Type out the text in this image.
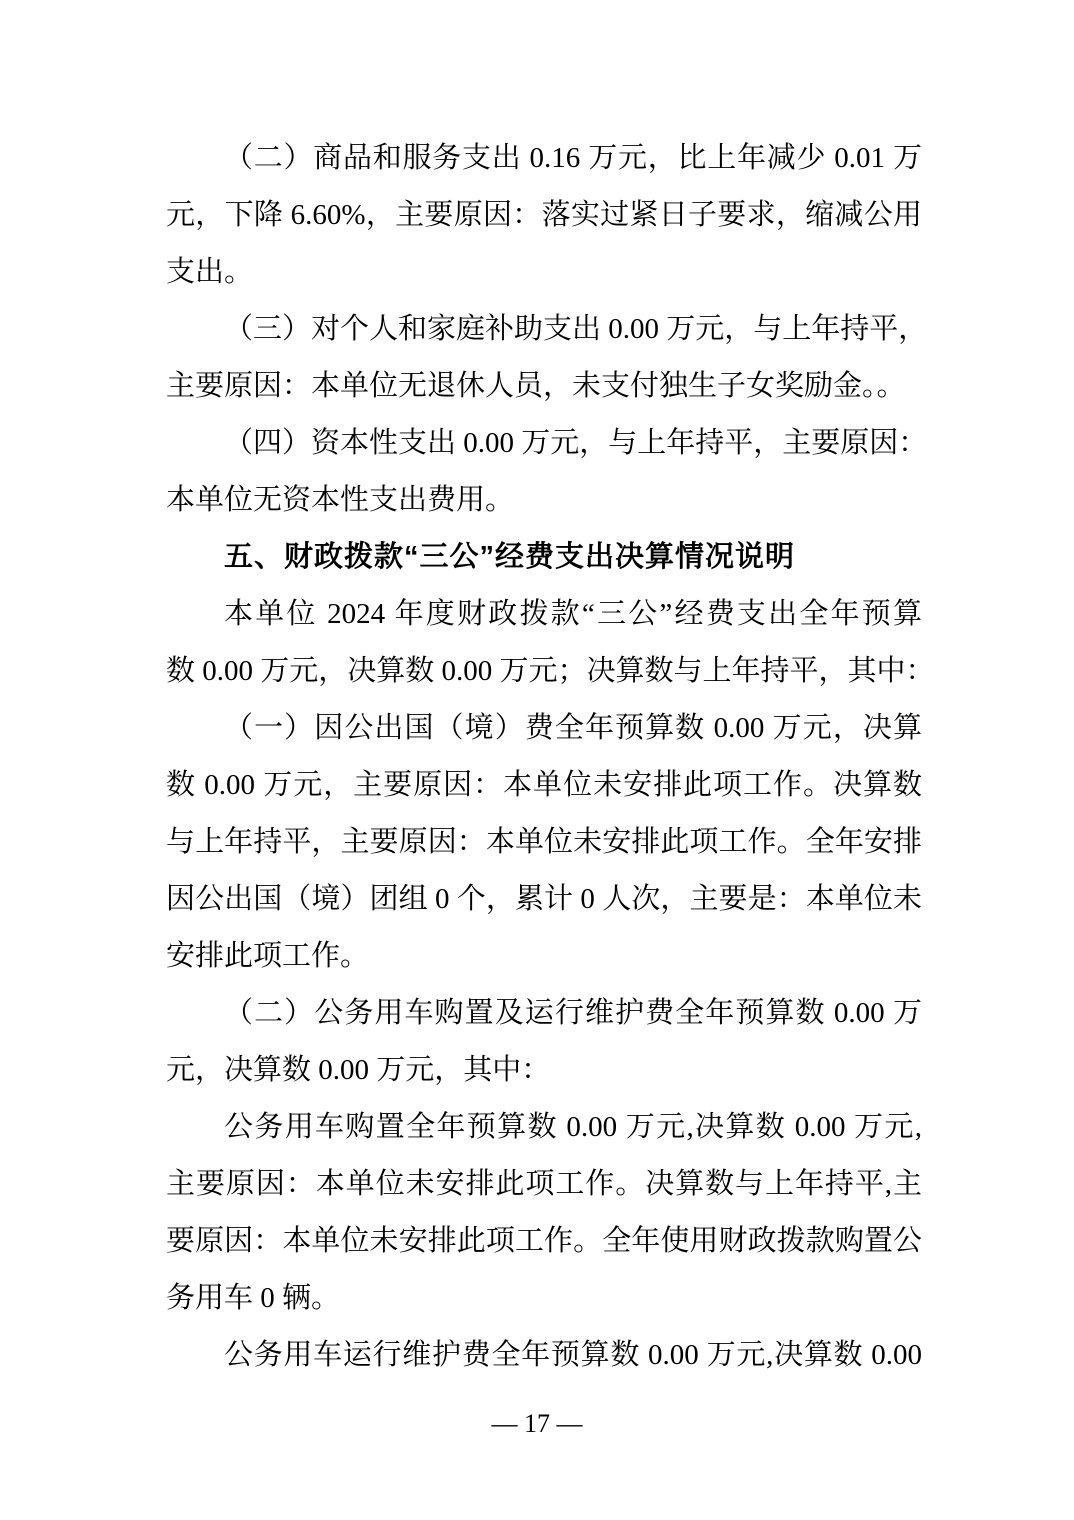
（二）商品和服务支出 0.16 万元，比上年减少 0.01 万
元，下降 6.60%，主要原因：落实过紧日子要求，缩减公用
支出。
（三）对个人和家庭补助支出 0.00 万元，与上年持平，
主要原因：本单位无退休人员，未支付独生子女奖励金。。
（四）资本性支出 0.00 万元，与上年持平，主要原因：
本单位无资本性支出费用。
五、财政拨款“三公”经费支出决算情况说明
本单位 2024 年度财政拨款“三公”经费支出全年预算
数 0.00 万元，决算数 0.00 万元；决算数与上年持平，其中：
（一）因公出国（境）费全年预算数 0.00 万元，决算
数 0.00 万元，主要原因：本单位未安排此项工作。决算数
与上年持平，主要原因：本单位未安排此项工作。全年安排
因公出国（境）团组 0 个，累计 0 人次，主要是：本单位未
安排此项工作。
（二）公务用车购置及运行维护费全年预算数 0.00 万
元，决算数 0.00 万元，其中：
公务用车购置全年预算数 0.00 万元,决算数 0.00 万元,
主要原因：本单位未安排此项工作。决算数与上年持平,主
要原因：本单位未安排此项工作。全年使用财政拨款购置公
务用车 0 辆。
公务用车运行维护费全年预算数 0.00 万元,决算数 0.00
— 17 —
